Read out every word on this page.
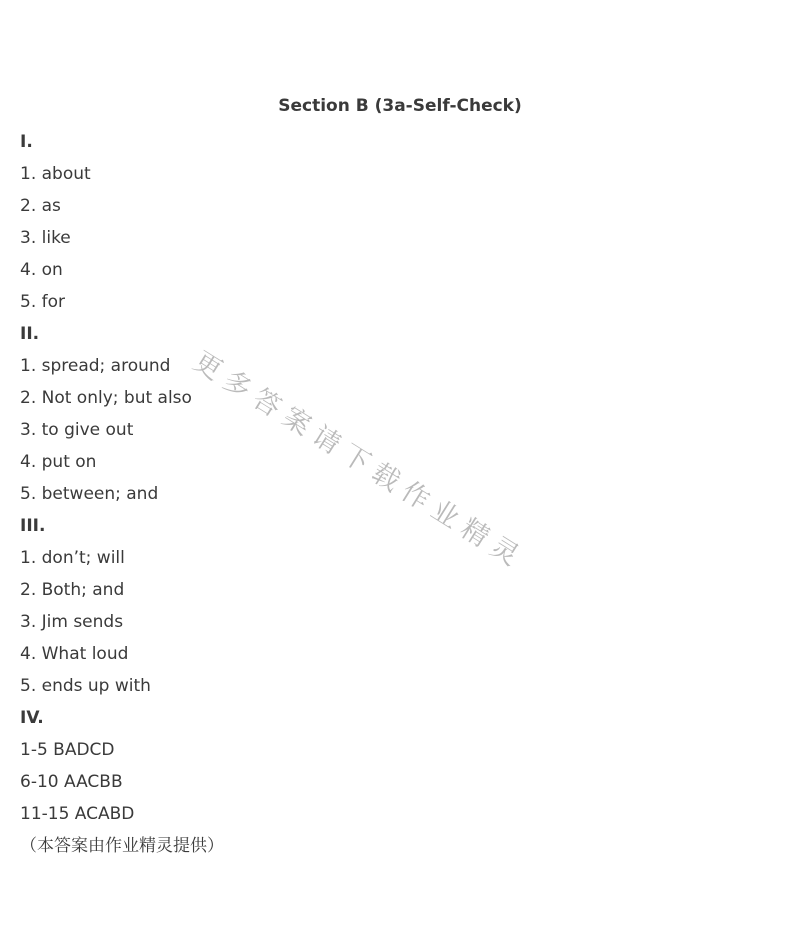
Section B (3a-Self-Check)
更多答案请下载作业精灵
I.
1. about
2. as
3. like
4. on
5. for
II.
1. spread; around
2. Not only; but also
3. to give out
4. put on
5. between; and
III.
1. don’t; will
2. Both; and
3. Jim sends
4. What loud
5. ends up with
IV.
1-5 BADCD
6-10 AACBB
11-15 ACABD
（本答案由作业精灵提供）
